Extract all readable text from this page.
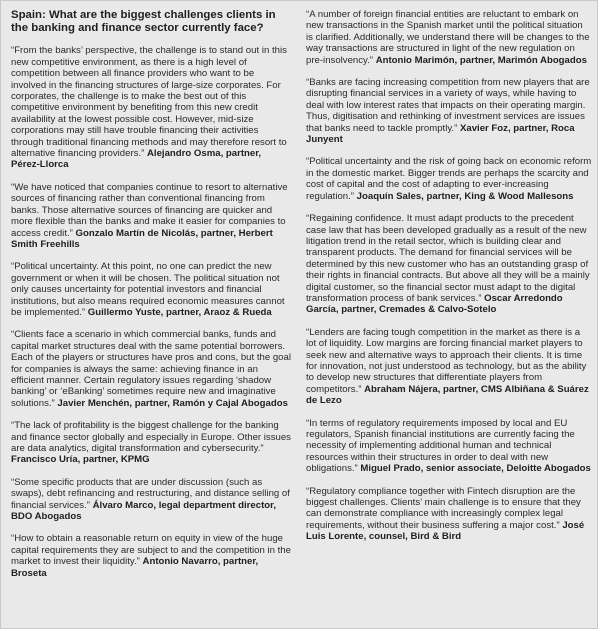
Spain: What are the biggest challenges clients in the banking and finance sector currently face?

“From the banks’ perspective, the challenge is to stand out in this new competitive environment, as there is a high level of competition between all finance providers who want to be involved in the financing structures of large-size corporates. For corporates, the challenge is to make the best out of this competitive environment by benefiting from this new credit availability at the lowest possible cost. However, mid-size corporations may still have trouble financing their activities through traditional financing methods and may therefore resort to alternative financing providers.” Alejandro Osma, partner, Pérez-Llorca

“We have noticed that companies continue to resort to alternative sources of financing rather than conventional financing from banks. Those alternative sources of financing are quicker and more flexible than the banks and make it easier for companies to access credit.” Gonzalo Martín de Nicolás, partner, Herbert Smith Freehills

“Political uncertainty. At this point, no one can predict the new government or when it will be chosen. The political situation not only causes uncertainty for potential investors and financial institutions, but also means required economic measures cannot be implemented.” Guillermo Yuste, partner, Araoz & Rueda

“Clients face a scenario in which commercial banks, funds and capital market structures deal with the same potential borrowers. Each of the players or structures have pros and cons, but the goal for companies is always the same: achieving finance in an efficient manner. Certain regulatory issues regarding ‘shadow banking’ or ‘eBanking’ sometimes require new and imaginative solutions.” Javier Menchén, partner, Ramón y Cajal Abogados

“The lack of profitability is the biggest challenge for the banking and finance sector globally and especially in Europe. Other issues are data analytics, digital transformation and cybersecurity.” Francisco Uría, partner, KPMG

“Some specific products that are under discussion (such as swaps), debt refinancing and restructuring, and distance selling of financial services.” Álvaro Marco, legal department director, BDO Abogados

“How to obtain a reasonable return on equity in view of the huge capital requirements they are subject to and the competition in the market to invest their liquidity.” Antonio Navarro, partner, Broseta

“A number of foreign financial entities are reluctant to embark on new transactions in the Spanish market until the political situation is clarified. Additionally, we understand there will be changes to the way transactions are structured in light of the new regulation on pre-insolvency.” Antonio Marimón, partner, Marimón Abogados

“Banks are facing increasing competition from new players that are disrupting financial services in a variety of ways, while having to deal with low interest rates that impacts on their operating margin. Thus, digitisation and rethinking of investment services are issues that banks need to tackle promptly.” Xavier Foz, partner, Roca Junyent

“Political uncertainty and the risk of going back on economic reform in the domestic market. Bigger trends are perhaps the scarcity and cost of capital and the cost of adapting to ever-increasing regulation.” Joaquín Sales, partner, King & Wood Mallesons

“Regaining confidence. It must adapt products to the precedent case law that has been developed gradually as a result of the new litigation trend in the retail sector, which is building clear and transparent products. The demand for financial services will be determined by this new customer who has an outstanding grasp of their rights in financial contracts. But above all they will be a mainly digital customer, so the financial sector must adapt to the digital transformation process of bank services.” Oscar Arredondo García, partner, Cremades & Calvo-Sotelo

“Lenders are facing tough competition in the market as there is a lot of liquidity. Low margins are forcing financial market players to seek new and alternative ways to approach their clients. It is time for innovation, not just understood as technology, but as the ability to develop new structures that differentiate players from competitors.” Abraham Nájera, partner, CMS Albiñana & Suárez de Lezo

“In terms of regulatory requirements imposed by local and EU regulators, Spanish financial institutions are currently facing the necessity of implementing additional human and technical resources within their structures in order to deal with new obligations.” Miguel Prado, senior associate, Deloitte Abogados

“Regulatory compliance together with Fintech disruption are the biggest challenges. Clients’ main challenge is to ensure that they can demonstrate compliance with increasingly complex legal requirements, without their business suffering a major cost.” José Luis Lorente, counsel, Bird & Bird
